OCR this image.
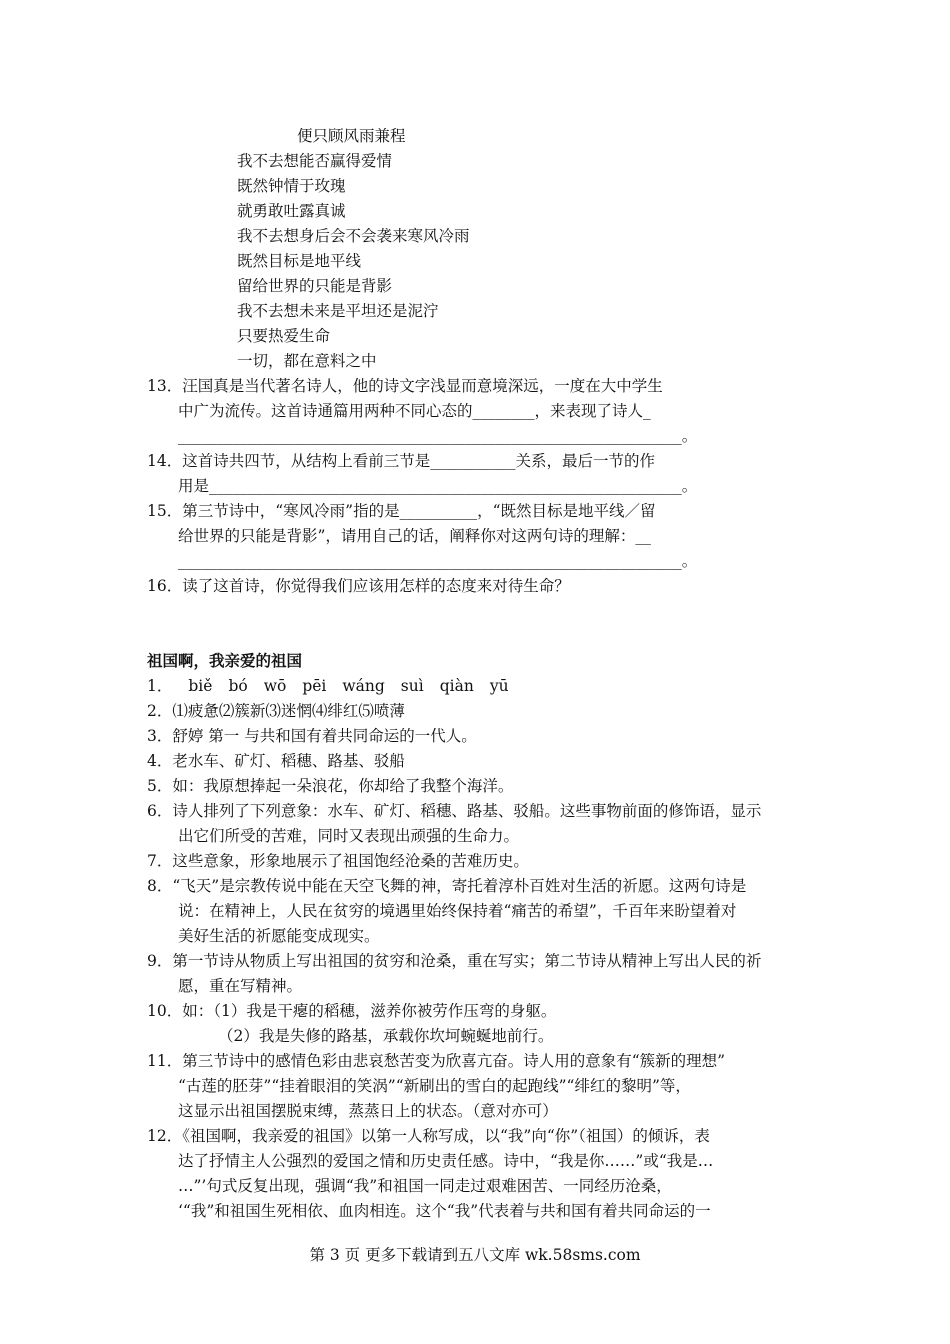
便只顾风雨兼程
我不去想能否赢得爱情
既然钟情于玫瑰
就勇敢吐露真诚
我不去想身后会不会袭来寒风冷雨
既然目标是地平线
留给世界的只能是背影
我不去想未来是平坦还是泥泞
只要热爱生命
一切，都在意料之中
13．汪国真是当代著名诗人，他的诗文字浅显而意境深远，一度在大中学生
中广为流传。这首诗通篇用两种不同心态的________，来表现了诗人_
_________________________________________________________________。
14．这首诗共四节，从结构上看前三节是___________关系，最后一节的作
用是_____________________________________________________________。
15．第三节诗中，“寒风冷雨”指的是__________，“既然目标是地平线／留
给世界的只能是背影”，请用自己的话，阐释你对这两句诗的理解：__
_________________________________________________________________。
16．读了这首诗，你觉得我们应该用怎样的态度来对待生命？
祖国啊，我亲爱的祖国
1． biě bó wō pēi wáng suì qiàn yū
2．⑴疲惫⑵簇新⑶迷惘⑷绯红⑸喷薄
3．舒婷 第一 与共和国有着共同命运的一代人。
4．老水车、矿灯、稻穗、路基、驳船
5．如：我原想捧起一朵浪花，你却给了我整个海洋。
6．诗人排列了下列意象：水车、矿灯、稻穗、路基、驳船。这些事物前面的修饰语，显示
出它们所受的苦难，同时又表现出顽强的生命力。
7．这些意象，形象地展示了祖国饱经沧桑的苦难历史。
8．“飞天”是宗教传说中能在天空飞舞的神，寄托着淳朴百姓对生活的祈愿。这两句诗是
说：在精神上，人民在贫穷的境遇里始终保持着“痛苦的希望”，千百年来盼望着对
美好生活的祈愿能变成现实。
9．第一节诗从物质上写出祖国的贫穷和沧桑，重在写实；第二节诗从精神上写出人民的祈
愿，重在写精神。
10．如：（1）我是干瘪的稻穗，滋养你被劳作压弯的身躯。
（2）我是失修的路基，承载你坎坷蜿蜒地前行。
11．第三节诗中的感情色彩由悲哀愁苦变为欣喜亢奋。诗人用的意象有“簇新的理想”
“古莲的胚芽”“挂着眼泪的笑涡”“新刷出的雪白的起跑线”“绯红的黎明”等，
这显示出祖国摆脱束缚，蒸蒸日上的状态。（意对亦可）
12．《祖国啊，我亲爱的祖国》以第一人称写成，以“我”向“你”（祖国）的倾诉，表
达了抒情主人公强烈的爱国之情和历史责任感。诗中，“我是你……”或“我是…
…”’句式反复出现，强调“我”和祖国一同走过艰难困苦、一同经历沧桑，
‘“我”和祖国生死相依、血肉相连。这个“我”代表着与共和国有着共同命运的一
第 3 页 更多下载请到五八文库 wk.58sms.com
